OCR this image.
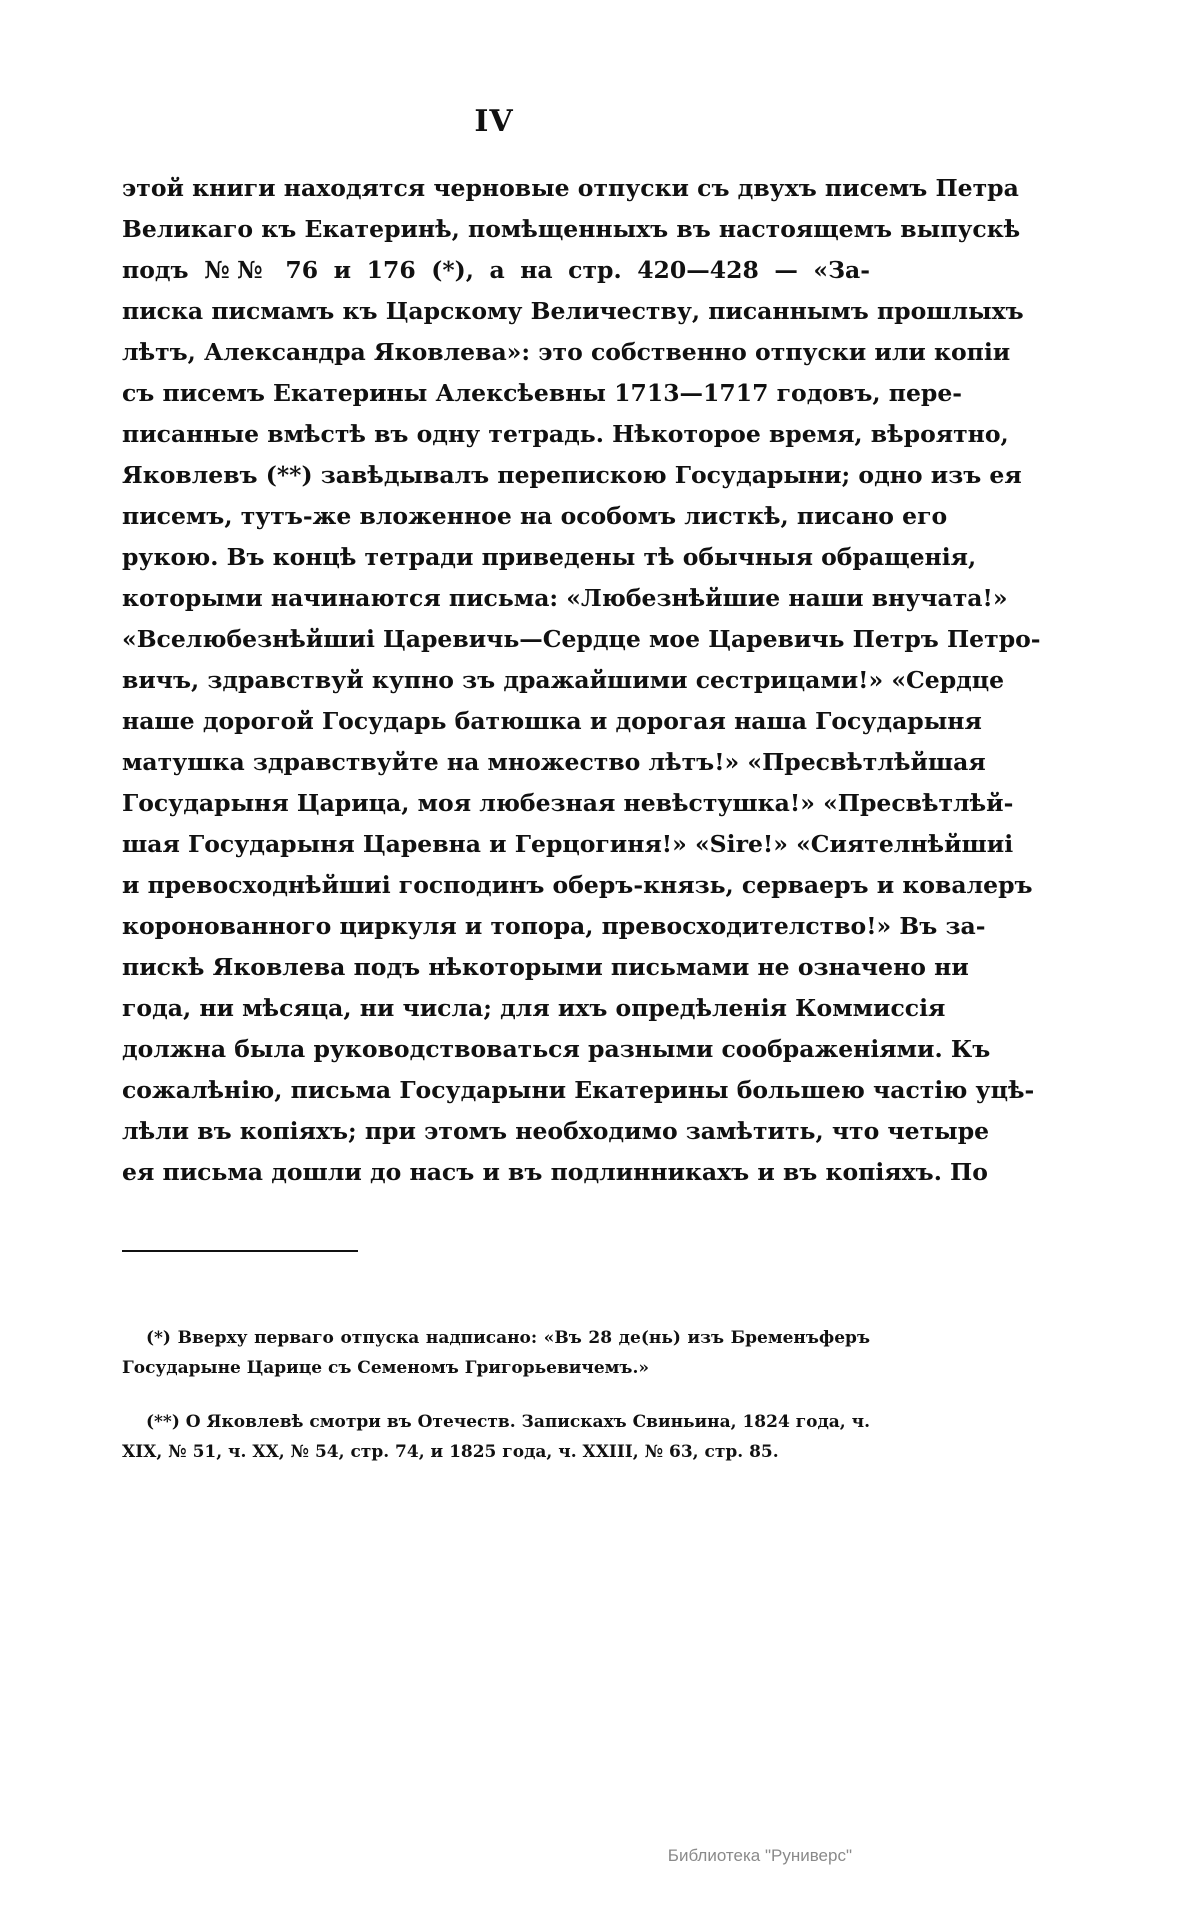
IV
этой книги находятся черновые отпуски съ двухъ писемъ Петра
Великаго къ Екатеринѣ, помѣщенныхъ въ настоящемъ выпускѣ
подъ №№ 76 и 176 (*), а на стр. 420—428 — «За-
писка писмамъ къ Царскому Величеству, писаннымъ прошлыхъ
лѣтъ, Александра Яковлева»: это собственно отпуски или копіи
съ писемъ Екатерины Алексѣевны 1713—1717 годовъ, пере-
писанные вмѣстѣ въ одну тетрадь. Нѣкоторое время, вѣроятно,
Яковлевъ (**) завѣдывалъ перепискою Государыни; одно изъ ея
писемъ, тутъ-же вложенное на особомъ листкѣ, писано его
рукою. Въ концѣ тетради приведены тѣ обычныя обращенія,
которыми начинаются письма: «Любезнѣйшие наши внучата!»
«Вселюбезнѣйшиі Царевичь—Сердце мое Царевичь Петръ Петро-
вичъ, здравствуй купно зъ дражайшими сестрицами!» «Сердце
наше дорогой Государь батюшка и дорогая наша Государыня
матушка здравствуйте на множество лѣтъ!» «Пресвѣтлѣйшая
Государыня Царица, моя любезная невѣстушка!» «Пресвѣтлѣй-
шая Государыня Царевна и Герцогиня!» «Sire!» «Сиятелнѣйшиі
и превосходнѣйшиі господинъ оберъ-князь, сервaеръ и ковалеръ
коронованного циркуля и топора, превосходителство!» Въ за-
пискѣ Яковлева подъ нѣкоторыми письмами не означено ни
года, ни мѣсяца, ни числа; для ихъ опредѣленія Коммиссія
должна была руководствоваться разными соображеніями. Къ
сожалѣнію, письма Государыни Екатерины большею частію уцѣ-
лѣли въ копіяхъ; при этомъ необходимо замѣтить, что четыре
ея письма дошли до насъ и въ подлинникахъ и въ копіяхъ. По
(*) Вверху перваго отпуска надписано: «Въ 28 де(нь) изъ Бременъферъ
Государыне Царице съ Семеномъ Григорьевичемъ.»
(**) О Яковлевѣ смотри въ Отечеств. Запискахъ Свиньина, 1824 года, ч.
XIX, № 51, ч. XX, № 54, стр. 74, и 1825 года, ч. XXIII, № 63, стр. 85.
Библиотека "Руниверс"
